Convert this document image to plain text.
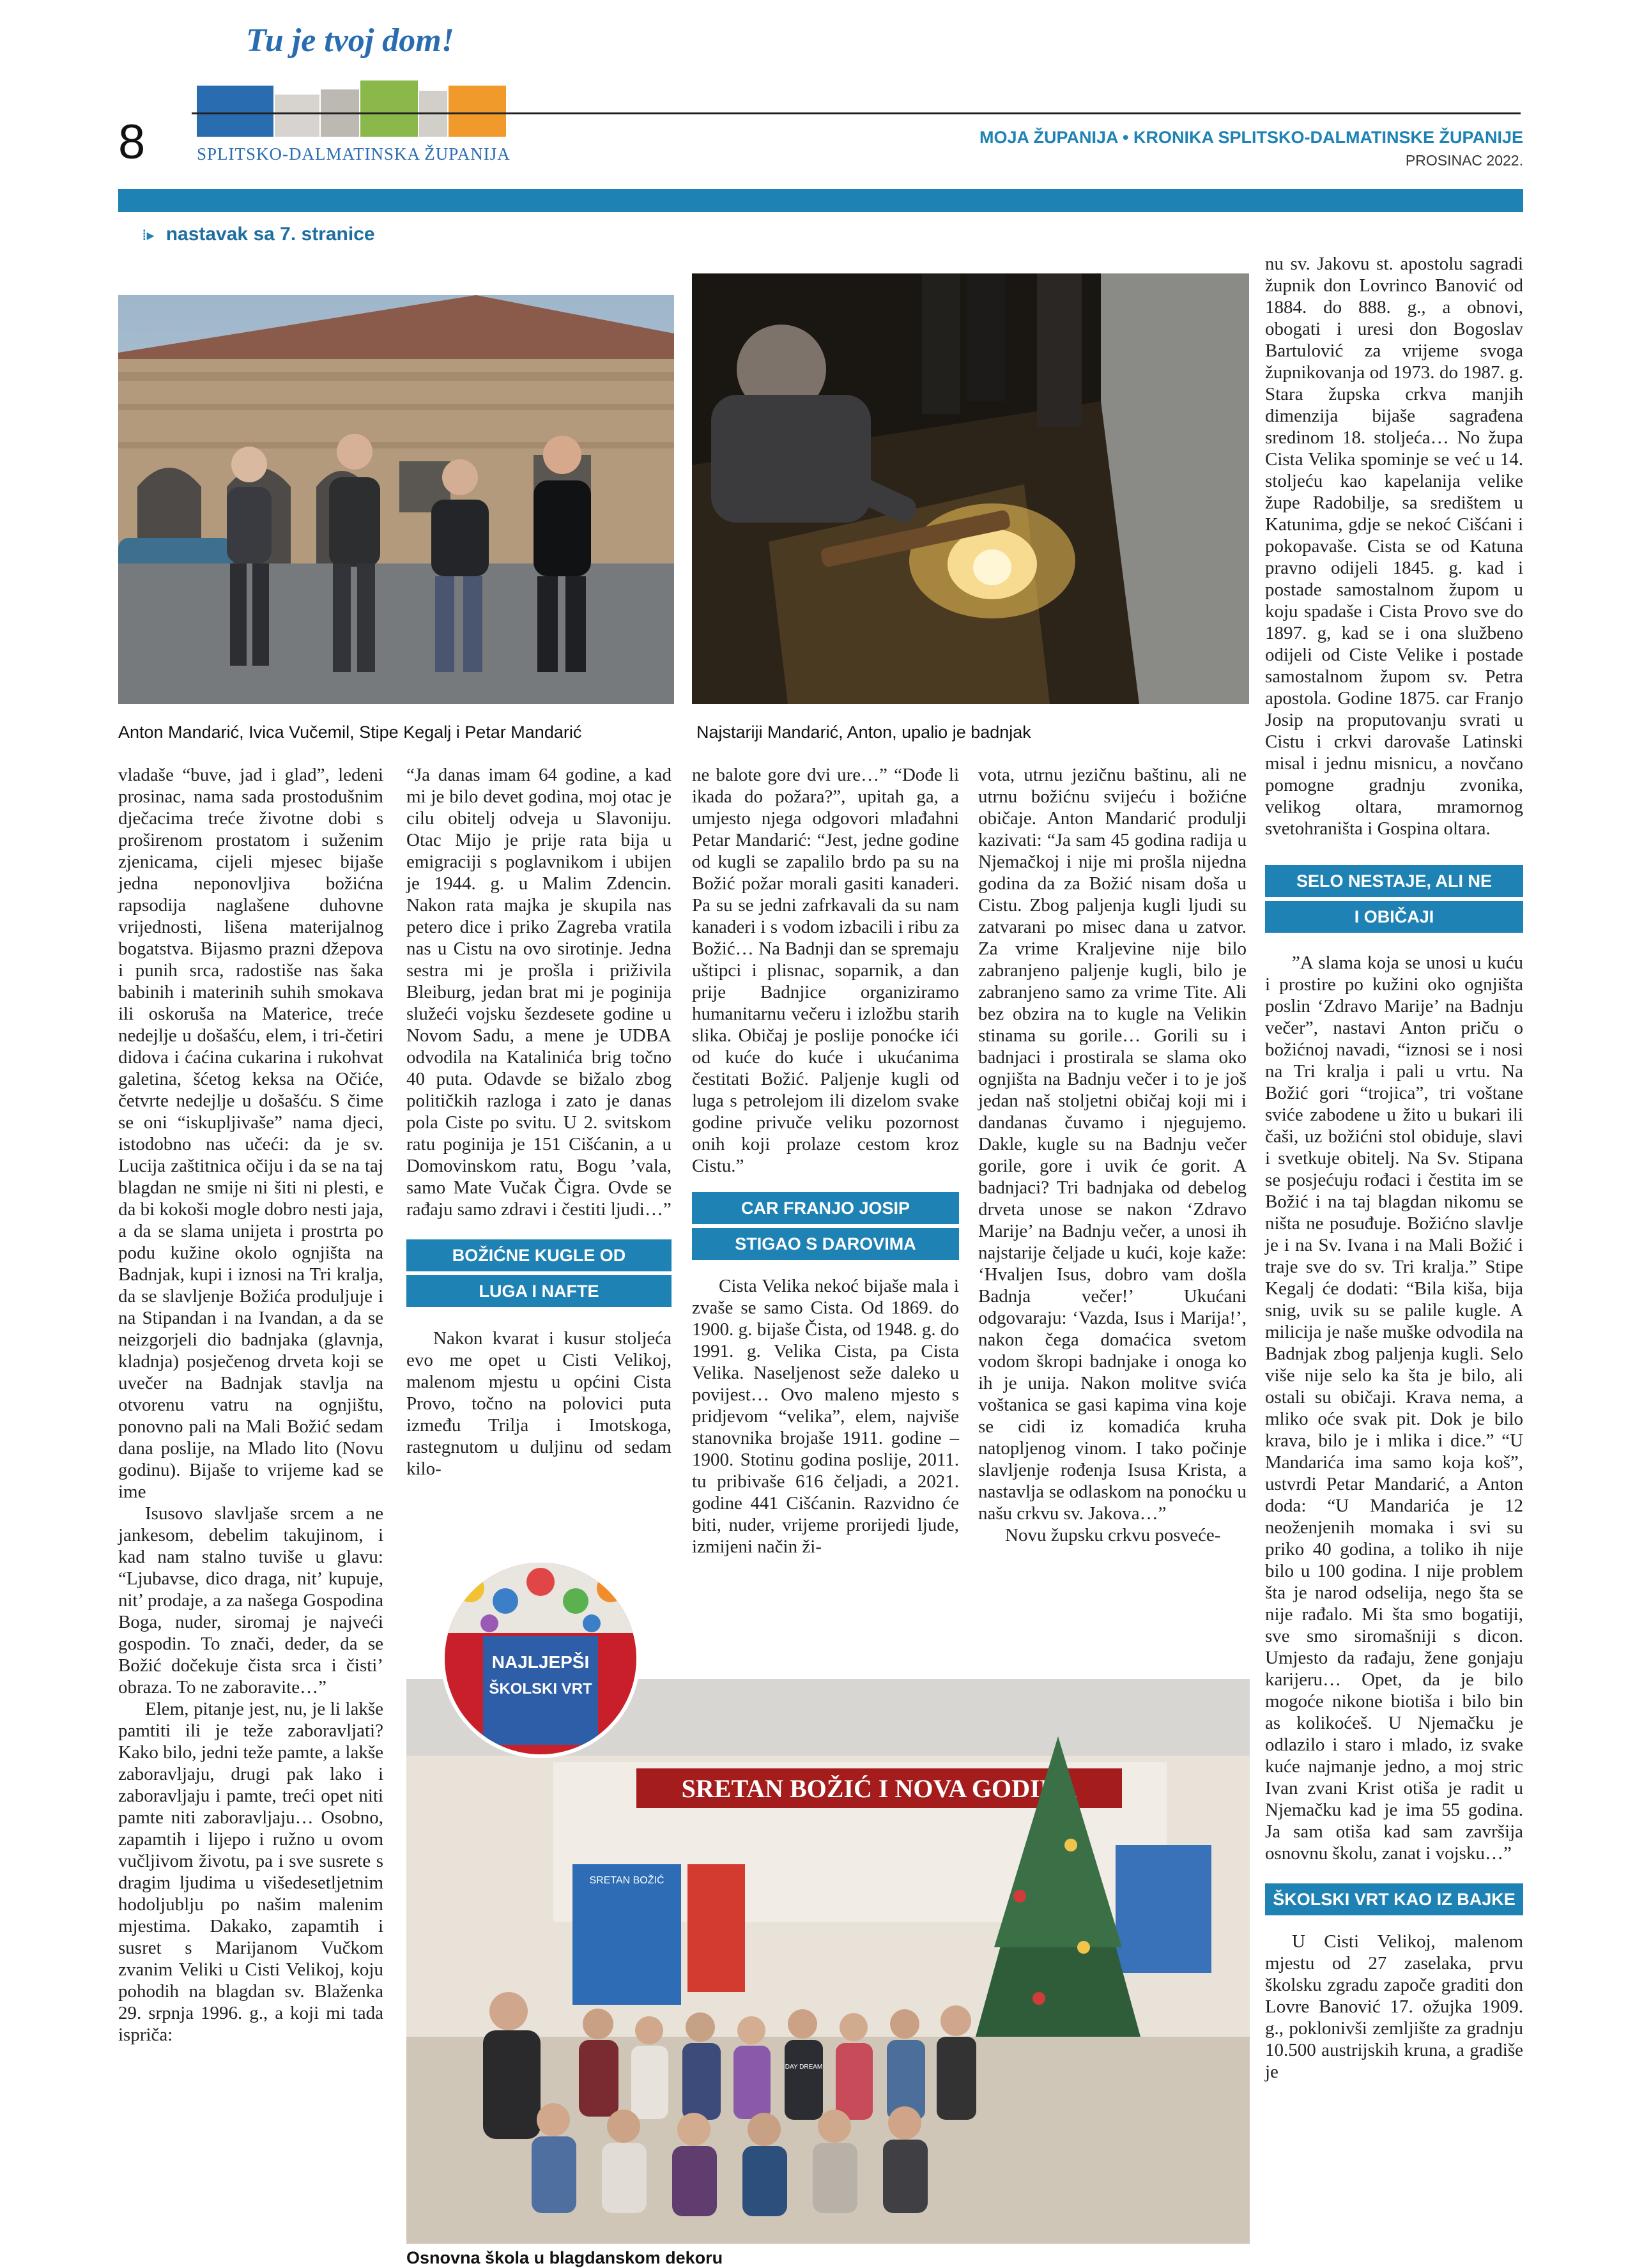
Tu je tvoj dom!
SPLITSKO-DALMATINSKA ŽUPANIJA
8	MOJA ŽUPANIJA • KRONIKA SPLITSKO-DALMATINSKE ŽUPANIJE
PROSINAC 2022.
⁞▸ nastavak sa 7. stranice
Anton Mandarić, Ivica Vučemil, Stipe Kegalj i Petar Mandarić	Najstariji Mandarić, Anton, upalio je badnjak

vladaše “buve, jad i glad”, ledeni prosinac, nama sada prostodušnim dječacima treće životne dobi s proširenom prostatom i suženim zjenicama, cijeli mjesec bijaše jedna neponovljiva božićna rapsodija naglašene duhovne vrijednosti, lišena materijalnog bogatstva. Bijasmo prazni džepova i punih srca, radostiše nas šaka babinih i materinih suhih smokava ili oskoruša na Materice, treće nedejlje u došašću, elem, i tri-četiri didova i ćaćina cukarina i rukohvat galetina, šćetog keksa na Očiće, četvrte nedejlje u došašću. S čime se oni “iskupljivaše” nama djeci, istodobno nas učeći: da je sv. Lucija zaštitnica očiju i da se na taj blagdan ne smije ni šiti ni plesti, e da bi kokoši mogle dobro nesti jaja, a da se slama unijeta i prostrta po podu kužine okolo ognjišta na Badnjak, kupi i iznosi na Tri kralja, da se slavljenje Božića produljuje i na Stipandan i na Ivandan, a da se neizgorjeli dio badnjaka (glavnja, kladnja) posječenog drveta koji se uvečer na Badnjak stavlja na otvorenu vatru na ognjištu, ponovno pali na Mali Božić sedam dana poslije, na Mlado lito (Novu godinu). Bijaše to vrijeme kad se ime

Isusovo slavljaše srcem a ne jankesom, debelim takujinom, i kad nam stalno tuviše u glavu: “Ljubavse, dico draga, nit’ kupuje, nit’ prodaje, a za našega Gospodina Boga, nuder, siromaj je najveći gospodin. To znači, deder, da se Božić dočekuje čista srca i čisti’ obraza. To ne zaboravite…”

Elem, pitanje jest, nu, je li lakše pamtiti ili je teže zaboravljati? Kako bilo, jedni teže pamte, a lakše zaboravljaju, drugi pak lako i zaboravljaju i pamte, treći opet niti pamte niti zaboravljaju… Osobno, zapamtih i lijepo i ružno u ovom vučljivom životu, pa i sve susrete s dragim ljudima u višedesetljetnim hodoljublju po našim malenim mjestima. Dakako, zapamtih i susret s Marijanom Vučkom zvanim Veliki u Cisti Velikoj, koju pohodih na blagdan sv. Blaženka 29. srpnja 1996. g., a koji mi tada ispriča:

“Ja danas imam 64 godine, a kad mi je bilo devet godina, moj otac je cilu obitelj odveja u Slavoniju. Otac Mijo je prije rata bija u emigraciji s poglavnikom i ubijen je 1944. g. u Malim Zdencin. Nakon rata majka je skupila nas petero dice i priko Zagreba vratila nas u Cistu na ovo sirotinje. Jedna sestra mi je prošla i priživila Bleiburg, jedan brat mi je poginija služeći vojsku šezdesete godine u Novom Sadu, a mene je UDBA odvodila na Katalinića brig točno 40 puta. Odavde se bižalo zbog političkih razloga i zato je danas pola Ciste po svitu. U 2. svitskom ratu poginija je 151 Cišćanin, a u Domovinskom ratu, Bogu ’vala, samo Mate Vučak Čigra. Ovde se rađaju samo zdravi i čestiti ljudi…”

BOŽIĆNE KUGLE OD
LUGA I NAFTE

Nakon kvarat i kusur stoljeća evo me opet u Cisti Velikoj, malenom mjestu u općini Cista Provo, točno na polovici puta između Trilja i Imotskoga, rastegnutom u duljinu od sedam kilo-

ne balote gore dvi ure…” “Dođe li ikada do požara?”, upitah ga, a umjesto njega odgovori mlađahni Petar Mandarić: “Jest, jedne godine od kugli se zapalilo brdo pa su na Božić požar morali gasiti kanaderi. Pa su se jedni zafrkavali da su nam kanaderi i s vodom izbacili i ribu za Božić… Na Badnji dan se spremaju uštipci i plisnac, soparnik, a dan prije Badnjice organiziramo humanitarnu večeru i izložbu starih slika. Običaj je poslije ponoćke ići od kuće do kuće i ukućanima čestitati Božić. Paljenje kugli od luga s petrolejom ili dizelom svake godine privuče veliku pozornost onih koji prolaze cestom kroz Cistu.”

CAR FRANJO JOSIP
STIGAO S DAROVIMA

Cista Velika nekoć bijaše mala i zvaše se samo Cista. Od 1869. do 1900. g. bijaše Čista, od 1948. g. do 1991. g. Velika Cista, pa Cista Velika. Naseljenost seže daleko u povijest… Ovo maleno mjesto s pridjevom “velika”, elem, najviše stanovnika brojaše 1911. godine – 1900. Stotinu godina poslije, 2011. tu pribivaše 616 čeljadi, a 2021. godine 441 Cišćanin. Razvidno će biti, nuder, vrijeme prorijedi ljude, izmijeni način ži-

vota, utrnu jezičnu baštinu, ali ne utrnu božićnu svijeću i božićne običaje. Anton Mandarić produlji kazivati: “Ja sam 45 godina radija u Njemačkoj i nije mi prošla nijedna godina da za Božić nisam doša u Cistu. Zbog paljenja kugli ljudi su zatvarani po misec dana u zatvor. Za vrime Kraljevine nije bilo zabranjeno paljenje kugli, bilo je zabranjeno samo za vrime Tite. Ali bez obzira na to kugle na Velikin stinama su gorile… Gorili su i badnjaci i prostirala se slama oko ognjišta na Badnju večer i to je još jedan naš stoljetni običaj koji mi i dandanas čuvamo i njegujemo. Dakle, kugle su na Badnju večer gorile, gore i uvik će gorit. A badnjaci? Tri badnjaka od debelog drveta unose se nakon ‘Zdravo Marije’ na Badnju večer, a unosi ih najstarije čeljade u kući, koje kaže: ‘Hvaljen Isus, dobro vam došla Badnja večer!’ Ukućani odgovaraju: ‘Vazda, Isus i Marija!’, nakon čega domaćica svetom vodom škropi badnjake i onoga ko ih je unija. Nakon molitve svića voštanica se gasi kapima vina koje se cidi iz komadića kruha natopljenog vinom. I tako počinje slavljenje rođenja Isusa Krista, a nastavlja se odlaskom na ponoćku u našu crkvu sv. Jakova…”

Novu župsku crkvu posveće-

nu sv. Jakovu st. apostolu sagradi župnik don Lovrinco Banović od 1884. do 888. g., a obnovi, obogati i uresi don Bogoslav Bartulović za vrijeme svoga župnikovanja od 1973. do 1987. g. Stara župska crkva manjih dimenzija bijaše sagrađena sredinom 18. stoljeća… No župa Cista Velika spominje se već u 14. stoljeću kao kapelanija velike župe Radobilje, sa središtem u Katunima, gdje se nekoć Cišćani i pokopavaše. Cista se od Katuna pravno odijeli 1845. g. kad i postade samostalnom župom u koju spadaše i Cista Provo sve do 1897. g, kad se i ona službeno odijeli od Ciste Velike i postade samostalnom župom sv. Petra apostola. Godine 1875. car Franjo Josip na proputovanju svrati u Cistu i crkvi darovaše Latinski misal i jednu misnicu, a novčano pomogne gradnju zvonika, velikog oltara, mramornog svetohraništa i Gospina oltara.

SELO NESTAJE, ALI NE
I OBIČAJI

”A slama koja se unosi u kuću i prostire po kužini oko ognjišta poslin ‘Zdravo Marije’ na Badnju večer”, nastavi Anton priču o božićnoj navadi, “iznosi se i nosi na Tri kralja i pali u vrtu. Na Božić gori “trojica”, tri voštane sviće zabodene u žito u bukari ili čaši, uz božićni stol obiduje, slavi i svetkuje obitelj. Na Sv. Stipana se posjećuju rođaci i čestita im se Božić i na taj blagdan nikomu se ništa ne posuđuje. Božićno slavlje je i na Sv. Ivana i na Mali Božić i traje sve do sv. Tri kralja.” Stipe Kegalj će dodati: “Bila kiša, bija snig, uvik su se palile kugle. A milicija je naše muške odvodila na Badnjak zbog paljenja kugli. Selo više nije selo ka šta je bilo, ali ostali su običaji. Krava nema, a mliko oće svak pit. Dok je bilo krava, bilo je i mlika i dice.” “U Mandarića ima samo koja koš”, ustvrdi Petar Mandarić, a Anton doda: “U Mandarića je 12 neoženjenih momaka i svi su priko 40 godina, a toliko ih nije bilo u 100 godina. I nije problem šta je narod odselija, nego šta se nije rađalo. Mi šta smo bogatiji, sve smo siromašniji s dicon. Umjesto da rađaju, žene gonjaju karijeru… Opet, da je bilo mogoće nikone biotiša i bilo bin as kolikoćeš. U Njemačku je odlazilo i staro i mlado, iz svake kuće najmanje jedno, a moj stric Ivan zvani Krist otiša je radit u Njemačku kad je ima 55 godina. Ja sam otiša kad sam završija osnovnu školu, zanat i vojsku…”

ŠKOLSKI VRT KAO IZ BAJKE

U Cisti Velikoj, malenom mjestu od 27 zaselaka, prvu školsku zgradu započe graditi don Lovre Banović 17. ožujka 1909. g., poklonivši zemljište za gradnju 10.500 austrijskih kruna, a gradiše je

SRETAN BOŽIĆ I NOVA GODINA
SRETAN BOŽIĆ
DAY DREAM
NAJLJEPŠI
ŠKOLSKI VRT
Osnovna škola u blagdanskom dekoru
